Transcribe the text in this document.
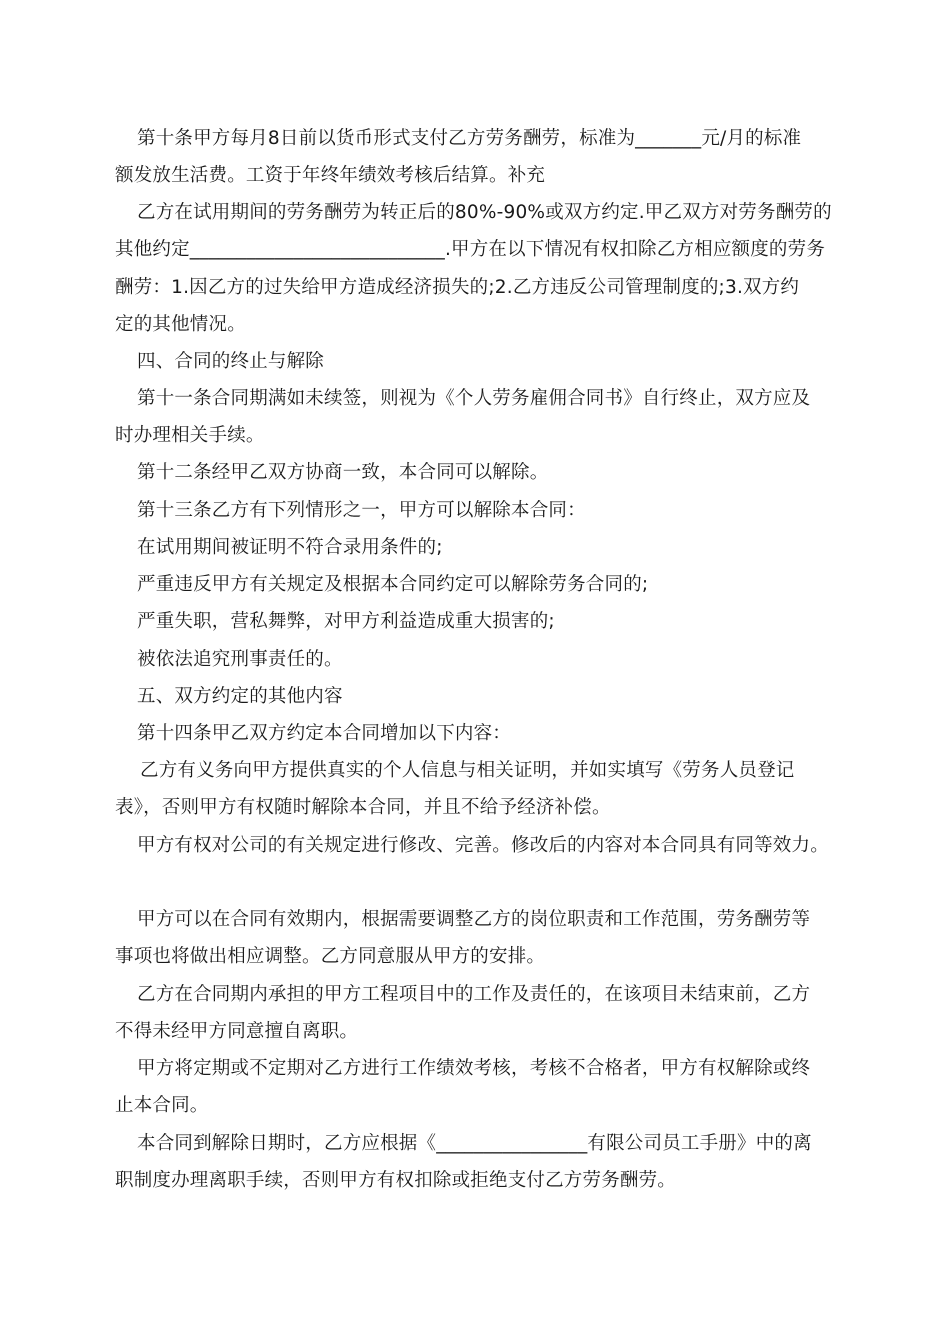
第十条甲方每月8日前以货币形式支付乙方劳务酬劳，标准为_______元/月的标准
额发放生活费。工资于年终年绩效考核后结算。补充
乙方在试用期间的劳务酬劳为转正后的80%-90%或双方约定.甲乙双方对劳务酬劳的
其他约定___________________________.甲方在以下情况有权扣除乙方相应额度的劳务
酬劳：1.因乙方的过失给甲方造成经济损失的;2.乙方违反公司管理制度的;3.双方约
定的其他情况。
四、合同的终止与解除
第十一条合同期满如未续签，则视为《个人劳务雇佣合同书》自行终止，双方应及
时办理相关手续。
第十二条经甲乙双方协商一致，本合同可以解除。
第十三条乙方有下列情形之一，甲方可以解除本合同：
在试用期间被证明不符合录用条件的;
严重违反甲方有关规定及根据本合同约定可以解除劳务合同的;
严重失职，营私舞弊，对甲方利益造成重大损害的;
被依法追究刑事责任的。
五、双方约定的其他内容
第十四条甲乙双方约定本合同增加以下内容：
乙方有义务向甲方提供真实的个人信息与相关证明，并如实填写《劳务人员登记
表》，否则甲方有权随时解除本合同，并且不给予经济补偿。
甲方有权对公司的有关规定进行修改、完善。修改后的内容对本合同具有同等效力。
甲方可以在合同有效期内，根据需要调整乙方的岗位职责和工作范围，劳务酬劳等
事项也将做出相应调整。乙方同意服从甲方的安排。
乙方在合同期内承担的甲方工程项目中的工作及责任的，在该项目未结束前，乙方
不得未经甲方同意擅自离职。
甲方将定期或不定期对乙方进行工作绩效考核，考核不合格者，甲方有权解除或终
止本合同。
本合同到解除日期时，乙方应根据《________________有限公司员工手册》中的离
职制度办理离职手续，否则甲方有权扣除或拒绝支付乙方劳务酬劳。
